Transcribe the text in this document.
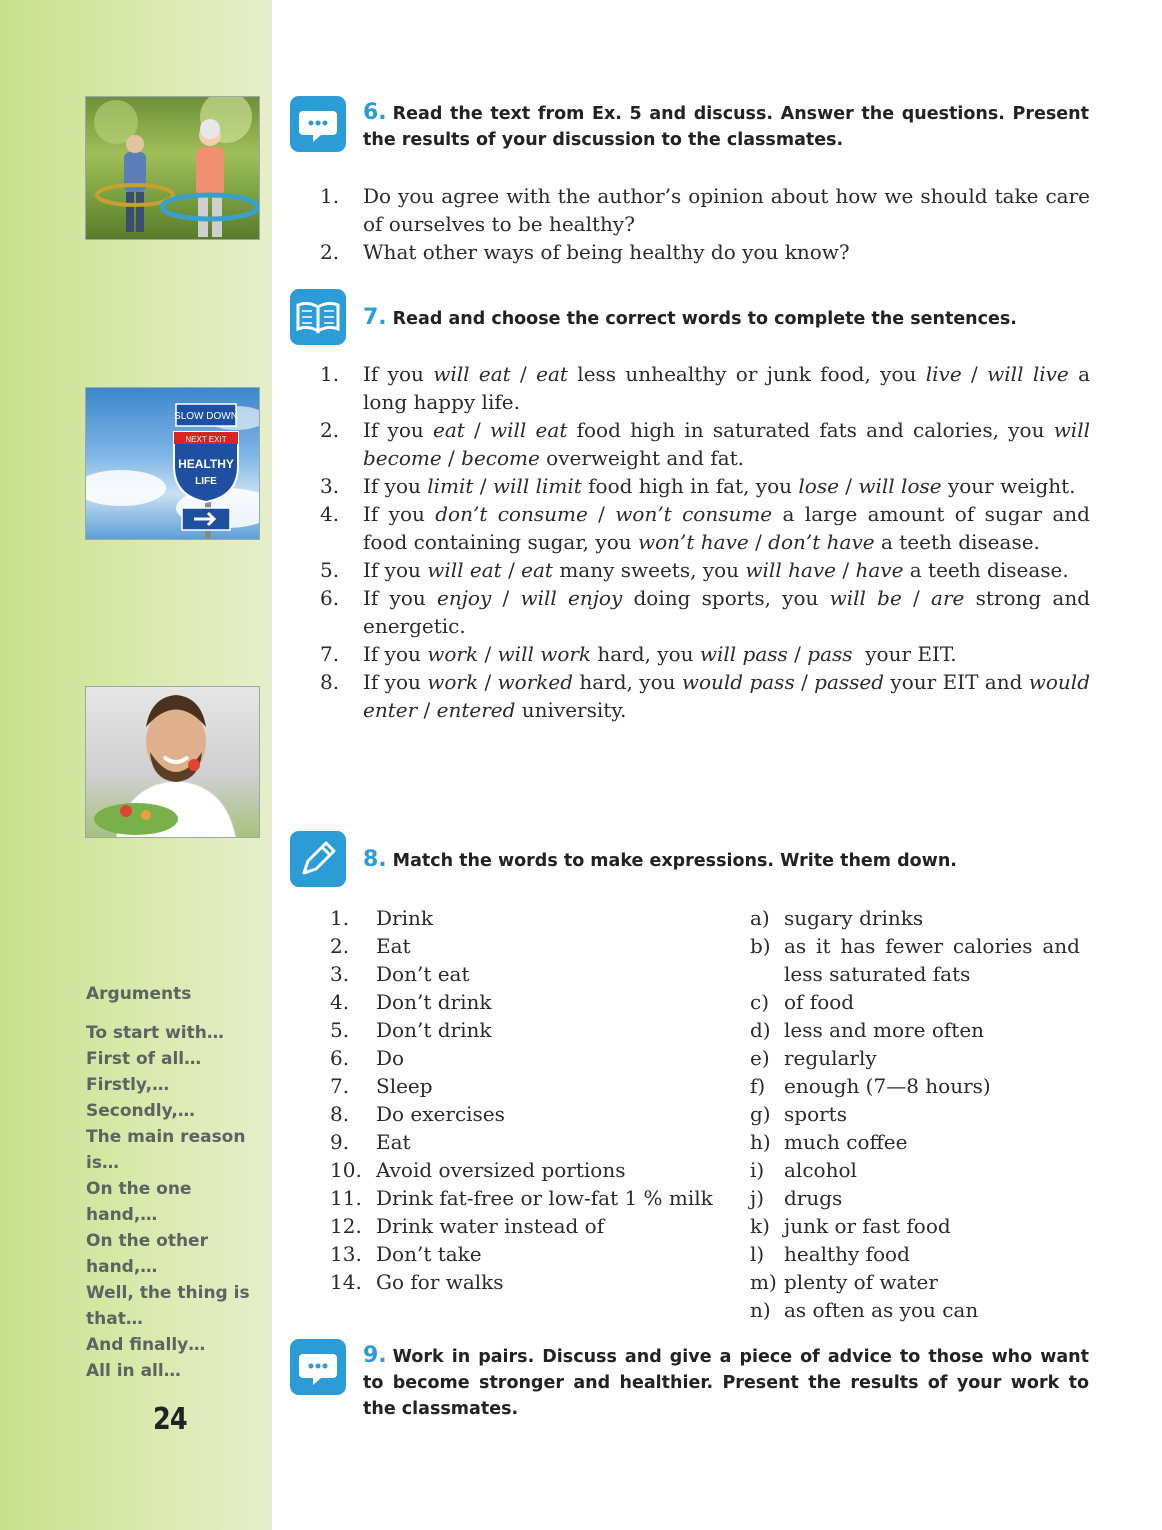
SLOW DOWN
NEXT EXIT
HEALTHY
LIFE
Arguments
To start with…
First of all…
Firstly,…
Secondly,…
The main reason
is…
On the one hand,…
On the other
hand,…
Well, the thing is
that…
And finally…
All in all…
24
6. Read the text from Ex. 5 and discuss. Answer the questions. Present the results of your discussion to the classmates.
1.	Do you agree with the author’s opinion about how we should take care of ourselves to be healthy?
2.	What other ways of being healthy do you know?
7. Read and choose the correct words to complete the sentences.
1.	If you will eat / eat less unhealthy or junk food, you live / will live a long happy life.
2.	If you eat / will eat food high in saturated fats and calories, you will become / become overweight and fat.
3.	If you limit / will limit food high in fat, you lose / will lose your weight.
4.	If you don’t consume / won’t consume a large amount of sugar and food containing sugar, you won’t have / don’t have a teeth disease.
5.	If you will eat / eat many sweets, you will have / have a teeth disease.
6.	If you enjoy / will enjoy doing sports, you will be / are strong and energetic.
7.	If you work / will work hard, you will pass / pass  your EIT.
8.	If you work / worked hard, you would pass / passed your EIT and would enter / entered university.
8. Match the words to make expressions. Write them down.
1.	Drink
2.	Eat
3.	Don’t eat
4.	Don’t drink
5.	Don’t drink
6.	Do
7.	Sleep
8.	Do exercises
9.	Eat
10. Avoid oversized portions
11. Drink fat-free or low-fat 1 % milk
12. Drink water instead of
13. Don’t take
14. Go for walks
a) sugary drinks
b) as it has fewer calories and less saturated fats
c) of food
d) less and more often
e) regularly
f) enough (7—8 hours)
g) sports
h) much coffee
i) alcohol
j) drugs
k) junk or fast food
l) healthy food
m) plenty of water
n) as often as you can
9. Work in pairs. Discuss and give a piece of advice to those who want to become stronger and healthier. Present the results of your work to the classmates.
